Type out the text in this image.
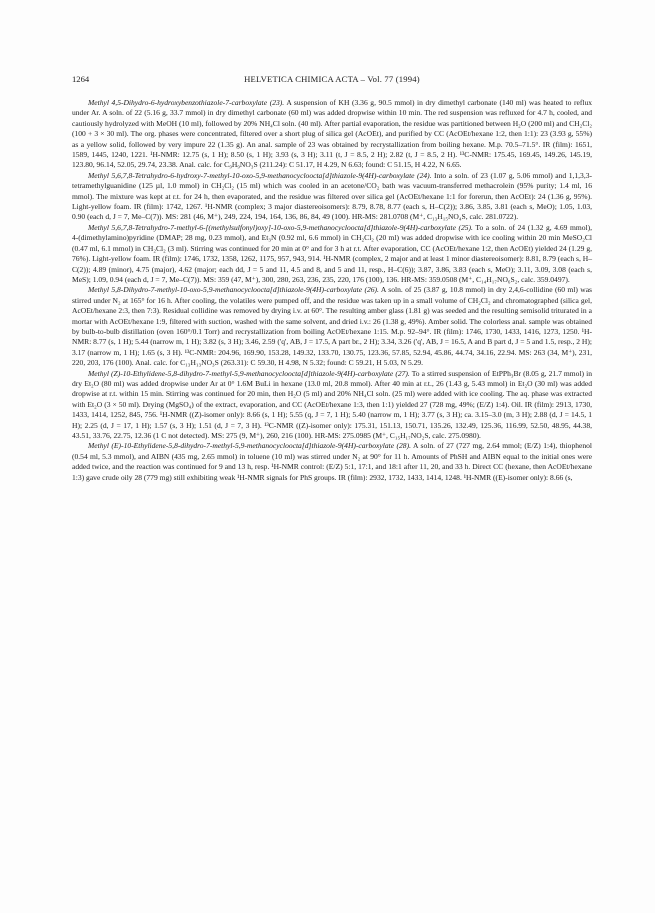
1264	HELVETICA CHIMICA ACTA – Vol. 77 (1994)

Methyl 4,5-Dihydro-6-hydroxybenzothiazole-7-carboxylate (23). A suspension of KH (3.36 g, 90.5 mmol) in dry dimethyl carbonate (140 ml) was heated to reflux under Ar. A soln. of 22 (5.16 g, 33.7 mmol) in dry dimethyl carbonate (60 ml) was added dropwise within 10 min. The red suspension was refluxed for 4.7 h, cooled, and cautiously hydrolyzed with MeOH (10 ml), followed by 20% NH₄Cl soln. (40 ml). After partial evaporation, the residue was partitioned between H₂O (200 ml) and CH₂Cl₂ (100 + 3 × 30 ml). The org. phases were concentrated, filtered over a short plug of silica gel (AcOEt), and purified by CC (AcOEt/hexane 1:2, then 1:1): 23 (3.93 g, 55%) as a yellow solid, followed by very impure 22 (1.35 g). An anal. sample of 23 was obtained by recrystallization from boiling hexane. M.p. 70.5–71.5°. IR (film): 1651, 1589, 1445, 1240, 1221. ¹H-NMR: 12.75 (s, 1 H); 8.50 (s, 1 H); 3.93 (s, 3 H); 3.11 (t, J = 8.5, 2 H); 2.82 (t, J = 8.5, 2 H). ¹³C-NMR: 175.45, 169.45, 149.26, 145.19, 123.80, 96.14, 52.05, 29.74, 23.38. Anal. calc. for C₉H₉NO₃S (211.24): C 51.17, H 4.29, N 6.63; found: C 51.15, H 4.22, N 6.65.

Methyl 5,6,7,8-Tetrahydro-6-hydroxy-7-methyl-10-oxo-5,9-methanocycloocta[d]thiazole-9(4H)-carboxylate (24). Into a soln. of 23 (1.07 g, 5.06 mmol) and 1,1,3,3-tetramethylguanidine (125 µl, 1.0 mmol) in CH₂Cl₂ (15 ml) which was cooled in an acetone/CO₂ bath was vacuum-transferred methacrolein (95% purity; 1.4 ml, 16 mmol). The mixture was kept at r.t. for 24 h, then evaporated, and the residue was filtered over silica gel (AcOEt/hexane 1:1 for forerun, then AcOEt): 24 (1.36 g, 95%). Light-yellow foam. IR (film): 1742, 1267. ¹H-NMR (complex; 3 major diastereoisomers): 8.79, 8.78, 8.77 (each s, H–C(2)); 3.86, 3.85, 3.81 (each s, MeO); 1.05, 1.03, 0.90 (each d, J = 7, Me–C(7)). MS: 281 (46, M⁺), 249, 224, 194, 164, 136, 86, 84, 49 (100). HR-MS: 281.0708 (M⁺, C₁₃H₁₅NO₄S, calc. 281.0722).

Methyl 5,6,7,8-Tetrahydro-7-methyl-6-[(methylsulfonyl)oxy]-10-oxo-5,9-methanocycloocta[d]thiazole-9(4H)-carboxylate (25). To a soln. of 24 (1.32 g, 4.69 mmol), 4-(dimethylamino)pyridine (DMAP; 28 mg, 0.23 mmol), and Et₃N (0.92 ml, 6.6 mmol) in CH₂Cl₂ (20 ml) was added dropwise with ice cooling within 20 min MeSO₂Cl (0.47 ml, 6.1 mmol) in CH₂Cl₂ (3 ml). Stirring was continued for 20 min at 0° and for 3 h at r.t. After evaporation, CC (AcOEt/hexane 1:2, then AcOEt) yielded 24 (1.29 g, 76%). Light-yellow foam. IR (film): 1746, 1732, 1358, 1262, 1175, 957, 943, 914. ¹H-NMR (complex, 2 major and at least 1 minor diastereoisomer): 8.81, 8.79 (each s, H–C(2)); 4.89 (minor), 4.75 (major), 4.62 (major; each dd, J = 5 and 11, 4.5 and 8, and 5 and 11, resp., H–C(6)); 3.87, 3.86, 3.83 (each s, MeO); 3.11, 3.09, 3.08 (each s, MeS); 1.09, 0.94 (each d, J = 7, Me–C(7)). MS: 359 (47, M⁺), 300, 280, 263, 236, 235, 220, 176 (100), 136. HR-MS: 359.0508 (M⁺, C₁₄H₁₇NO₆S₂, calc. 359.0497).

Methyl 5,8-Dihydro-7-methyl-10-oxo-5,9-methanocycloocta[d]thiazole-9(4H)-carboxylate (26). A soln. of 25 (3.87 g, 10.8 mmol) in dry 2,4,6-collidine (60 ml) was stirred under N₂ at 165° for 16 h. After cooling, the volatiles were pumped off, and the residue was taken up in a small volume of CH₂Cl₂ and chromatographed (silica gel, AcOEt/hexane 2:3, then 7:3). Residual collidine was removed by drying i.v. at 60°. The resulting amber glass (1.81 g) was seeded and the resulting semisolid triturated in a mortar with AcOEt/hexane 1:9, filtered with suction, washed with the same solvent, and dried i.v.: 26 (1.38 g, 49%). Amber solid. The colorless anal. sample was obtained by bulb-to-bulb distillation (oven 160°/0.1 Torr) and recrystallization from boiling AcOEt/hexane 1:15. M.p. 92–94°. IR (film): 1746, 1730, 1433, 1416, 1273, 1250. ¹H-NMR: 8.77 (s, 1 H); 5.44 (narrow m, 1 H); 3.82 (s, 3 H); 3.46, 2.59 ('q', AB, J = 17.5, A part br., 2 H); 3.34, 3.26 ('q', AB, J = 16.5, A and B part d, J = 5 and 1.5, resp., 2 H); 3.17 (narrow m, 1 H); 1.65 (s, 3 H). ¹³C-NMR: 204.96, 169.90, 153.28, 149.32, 133.70, 130.75, 123.36, 57.85, 52.94, 45.86, 44.74, 34.16, 22.94. MS: 263 (34, M⁺), 231, 220, 203, 176 (100). Anal. calc. for C₁₃H₁₃NO₃S (263.31): C 59.30, H 4.98, N 5.32; found: C 59.21, H 5.03, N 5.29.

Methyl (Z)-10-Ethylidene-5,8-dihydro-7-methyl-5,9-methanocycloocta[d]thiazole-9(4H)-carboxylate (27). To a stirred suspension of EtPPh₃Br (8.05 g, 21.7 mmol) in dry Et₂O (80 ml) was added dropwise under Ar at 0° 1.6M BuLi in hexane (13.0 ml, 20.8 mmol). After 40 min at r.t., 26 (1.43 g, 5.43 mmol) in Et₂O (30 ml) was added dropwise at r.t. within 15 min. Stirring was continued for 20 min, then H₂O (5 ml) and 20% NH₄Cl soln. (25 ml) were added with ice cooling. The aq. phase was extracted with Et₂O (3 × 50 ml). Drying (MgSO₄) of the extract, evaporation, and CC (AcOEt/hexane 1:3, then 1:1) yielded 27 (728 mg, 49%; (E/Z) 1:4). Oil. IR (film): 2913, 1730, 1433, 1414, 1252, 845, 756. ¹H-NMR ((Z)-isomer only): 8.66 (s, 1 H); 5.55 (q, J = 7, 1 H); 5.40 (narrow m, 1 H); 3.77 (s, 3 H); ca. 3.15–3.0 (m, 3 H); 2.88 (d, J = 14.5, 1 H); 2.25 (d, J = 17, 1 H); 1.57 (s, 3 H); 1.51 (d, J = 7, 3 H). ¹³C-NMR ((Z)-isomer only): 175.31, 151.13, 150.71, 135.26, 132.49, 125.36, 116.99, 52.50, 48.95, 44.38, 43.51, 33.76, 22.75, 12.36 (1 C not detected). MS: 275 (9, M⁺), 260, 216 (100). HR-MS: 275.0985 (M⁺, C₁₅H₁₇NO₂S, calc. 275.0980).

Methyl (E)-10-Ethylidene-5,8-dihydro-7-methyl-5,9-methanocycloocta[d]thiazole-9(4H)-carboxylate (28). A soln. of 27 (727 mg, 2.64 mmol; (E/Z) 1:4), thiophenol (0.54 ml, 5.3 mmol), and AIBN (435 mg, 2.65 mmol) in toluene (10 ml) was stirred under N₂ at 90° for 11 h. Amounts of PhSH and AIBN equal to the initial ones were added twice, and the reaction was continued for 9 and 13 h, resp. ¹H-NMR control: (E/Z) 5:1, 17:1, and 18:1 after 11, 20, and 33 h. Direct CC (hexane, then AcOEt/hexane 1:3) gave crude oily 28 (779 mg) still exhibiting weak ¹H-NMR signals for PhS groups. IR (film): 2932, 1732, 1433, 1414, 1248. ¹H-NMR ((E)-isomer only): 8.66 (s,
